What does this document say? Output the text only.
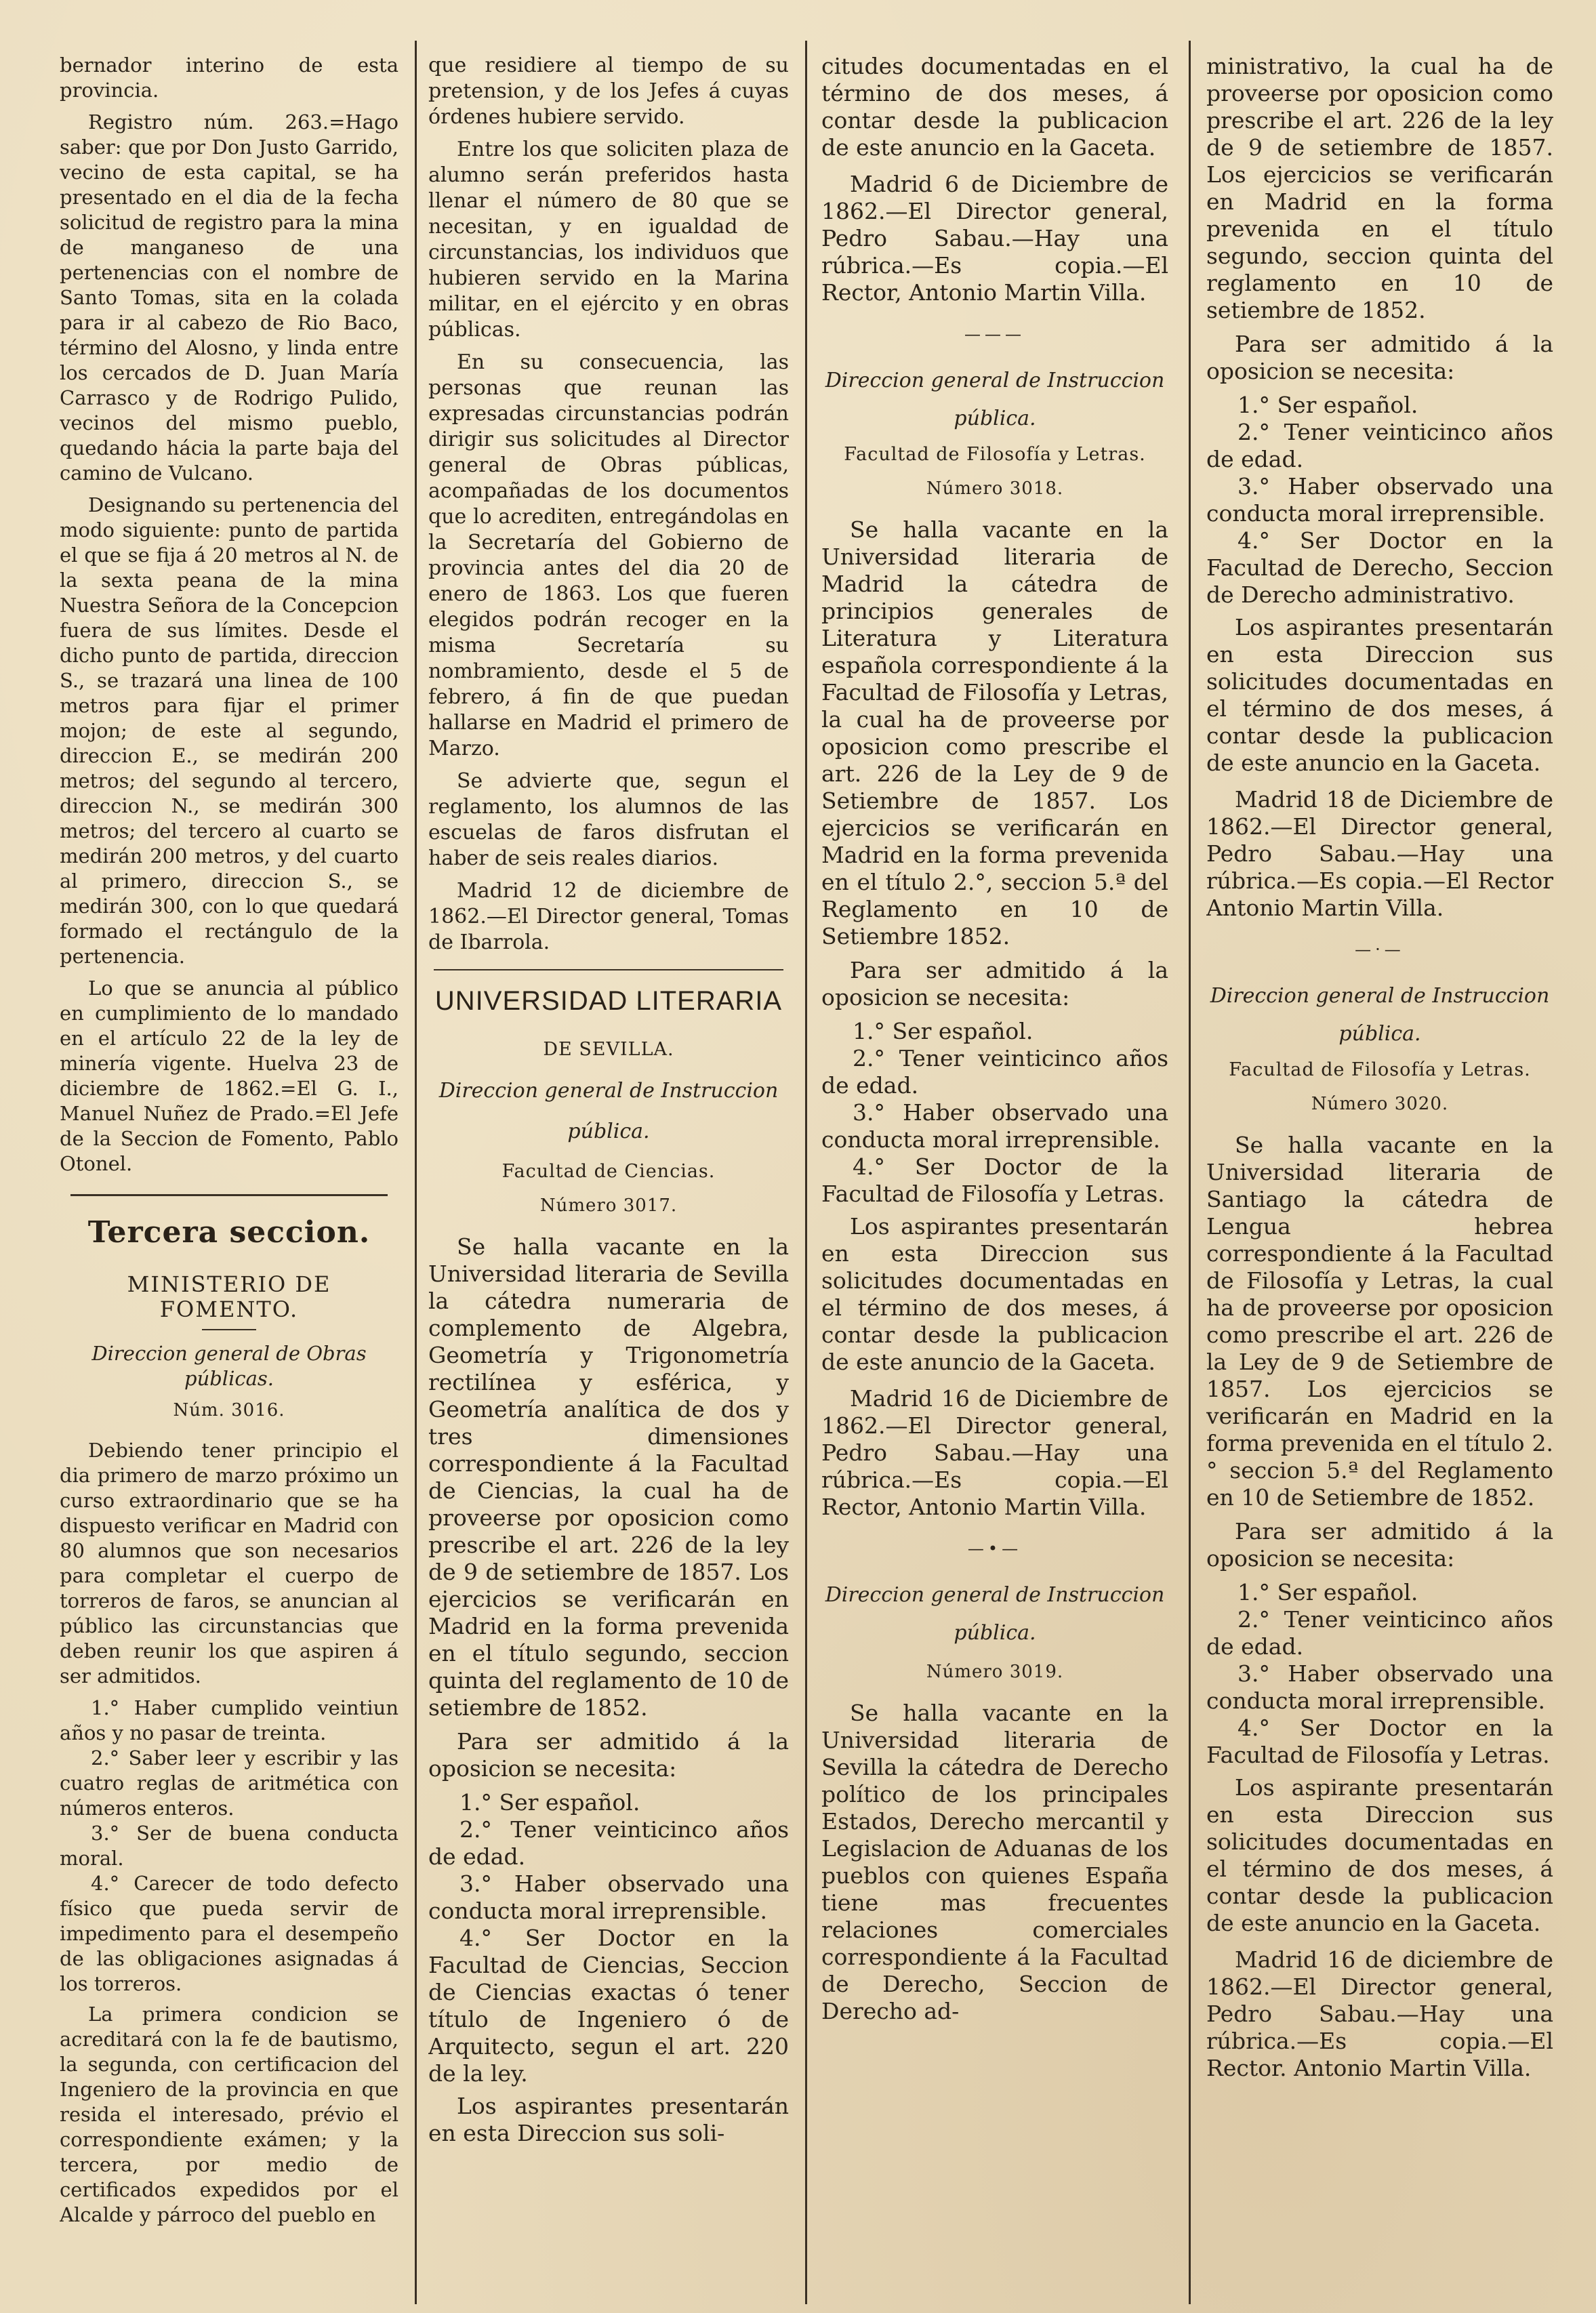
bernador interino de esta provincia.

Registro núm. 263.=Hago saber: que por Don Justo Garrido, vecino de esta capital, se ha presentado en el dia de la fecha solicitud de registro para la mina de manganeso de una pertenencias con el nombre de Santo Tomas, sita en la colada para ir al cabezo de Rio Baco, término del Alosno, y linda entre los cercados de D. Juan María Carrasco y de Rodrigo Pulido, vecinos del mismo pueblo, quedando hácia la parte baja del camino de Vulcano.

Designando su pertenencia del modo siguiente: punto de partida el que se fija á 20 metros al N. de la sexta peana de la mina Nuestra Señora de la Concepcion fuera de sus límites. Desde el dicho punto de partida, direccion S., se trazará una linea de 100 metros para fijar el primer mojon; de este al segundo, direccion E., se medirán 200 metros; del segundo al tercero, direccion N., se medirán 300 metros; del tercero al cuarto se medirán 200 metros, y del cuarto al primero, direccion S., se medirán 300, con lo que quedará formado el rectángulo de la pertenencia.

Lo que se anuncia al público en cumplimiento de lo mandado en el artículo 22 de la ley de minería vigente. Huelva 23 de diciembre de 1862.=El G. I., Manuel Nuñez de Prado.=El Jefe de la Seccion de Fomento, Pablo Otonel.

Tercera seccion.
MINISTERIO DE FOMENTO.
Direccion general de Obras públicas.
Núm. 3016.

Debiendo tener principio el dia primero de marzo próximo un curso extraordinario que se ha dispuesto verificar en Madrid con 80 alumnos que son necesarios para completar el cuerpo de torreros de faros, se anuncian al público las circunstancias que deben reunir los que aspiren á ser admitidos.

1.° Haber cumplido veintiun años y no pasar de treinta.

2.° Saber leer y escribir y las cuatro reglas de aritmética con números enteros.

3.° Ser de buena conducta moral.

4.° Carecer de todo defecto físico que pueda servir de impedimento para el desempeño de las obligaciones asignadas á los torreros.

La primera condicion se acreditará con la fe de bautismo, la segunda, con certificacion del Ingeniero de la provincia en que resida el interesado, prévio el correspondiente exámen; y la tercera, por medio de certificados expedidos por el Alcalde y párroco del pueblo en

que residiere al tiempo de su pretension, y de los Jefes á cuyas órdenes hubiere servido.

Entre los que soliciten plaza de alumno serán preferidos hasta llenar el número de 80 que se necesitan, y en igualdad de circunstancias, los individuos que hubieren servido en la Marina militar, en el ejército y en obras públicas.

En su consecuencia, las personas que reunan las expresadas circunstancias podrán dirigir sus solicitudes al Director general de Obras públicas, acompañadas de los documentos que lo acrediten, entregándolas en la Secretaría del Gobierno de provincia antes del dia 20 de enero de 1863. Los que fueren elegidos podrán recoger en la misma Secretaría su nombramiento, desde el 5 de febrero, á fin de que puedan hallarse en Madrid el primero de Marzo.

Se advierte que, segun el reglamento, los alumnos de las escuelas de faros disfrutan el haber de seis reales diarios.

Madrid 12 de diciembre de 1862.—El Director general, Tomas de Ibarrola.

UNIVERSIDAD LITERARIA
DE SEVILLA.
Direccion general de Instruccion pública.
Facultad de Ciencias.
Número 3017.

Se halla vacante en la Universidad literaria de Sevilla la cátedra numeraria de complemento de Algebra, Geometría y Trigonometría rectilínea y esférica, y Geometría analítica de dos y tres dimensiones correspondiente á la Facultad de Ciencias, la cual ha de proveerse por oposicion como prescribe el art. 226 de la ley de 9 de setiembre de 1857. Los ejercicios se verificarán en Madrid en la forma prevenida en el título segundo, seccion quinta del reglamento de 10 de setiembre de 1852.

Para ser admitido á la oposicion se necesita:

1.° Ser español.

2.° Tener veinticinco años de edad.

3.° Haber observado una conducta moral irreprensible.

4.° Ser Doctor en la Facultad de Ciencias, Seccion de Ciencias exactas ó tener título de Ingeniero ó de Arquitecto, segun el art. 220 de la ley.

Los aspirantes presentarán en esta Direccion sus soli-

citudes documentadas en el término de dos meses, á contar desde la publicacion de este anuncio en la Gaceta.

Madrid 6 de Diciembre de 1862.—El Director general, Pedro Sabau.—Hay una rúbrica.—Es copia.—El Rector, Antonio Martin Villa.

———
Direccion general de Instruccion pública.
Facultad de Filosofía y Letras.
Número 3018.

Se halla vacante en la Universidad literaria de Madrid la cátedra de principios generales de Literatura y Literatura española correspondiente á la Facultad de Filosofía y Letras, la cual ha de proveerse por oposicion como prescribe el art. 226 de la Ley de 9 de Setiembre de 1857. Los ejercicios se verificarán en Madrid en la forma prevenida en el título 2.°, seccion 5.ª del Reglamento en 10 de Setiembre 1852.

Para ser admitido á la oposicion se necesita:

1.° Ser español.

2.° Tener veinticinco años de edad.

3.° Haber observado una conducta moral irreprensible.

4.° Ser Doctor de la Facultad de Filosofía y Letras.

Los aspirantes presentarán en esta Direccion sus solicitudes documentadas en el término de dos meses, á contar desde la publicacion de este anuncio de la Gaceta.

Madrid 16 de Diciembre de 1862.—El Director general, Pedro Sabau.—Hay una rúbrica.—Es copia.—El Rector, Antonio Martin Villa.

—•—
Direccion general de Instruccion pública.
Número 3019.

Se halla vacante en la Universidad literaria de Sevilla la cátedra de Derecho político de los principales Estados, Derecho mercantil y Legislacion de Aduanas de los pueblos con quienes España tiene mas frecuentes relaciones comerciales correspondiente á la Facultad de Derecho, Seccion de Derecho ad-

ministrativo, la cual ha de proveerse por oposicion como prescribe el art. 226 de la ley de 9 de setiembre de 1857. Los ejercicios se verificarán en Madrid en la forma prevenida en el título segundo, seccion quinta del reglamento en 10 de setiembre de 1852.

Para ser admitido á la oposicion se necesita:

1.° Ser español.

2.° Tener veinticinco años de edad.

3.° Haber observado una conducta moral irreprensible.

4.° Ser Doctor en la Facultad de Derecho, Seccion de Derecho administrativo.

Los aspirantes presentarán en esta Direccion sus solicitudes documentadas en el término de dos meses, á contar desde la publicacion de este anuncio en la Gaceta.

Madrid 18 de Diciembre de 1862.—El Director general, Pedro Sabau.—Hay una rúbrica.—Es copia.—El Rector Antonio Martin Villa.

—·—
Direccion general de Instruccion pública.
Facultad de Filosofía y Letras.
Número 3020.

Se halla vacante en la Universidad literaria de Santiago la cátedra de Lengua hebrea correspondiente á la Facultad de Filosofía y Letras, la cual ha de proveerse por oposicion como prescribe el art. 226 de la Ley de 9 de Setiembre de 1857. Los ejercicios se verificarán en Madrid en la forma prevenida en el título 2.° seccion 5.ª del Reglamento en 10 de Setiembre de 1852.

Para ser admitido á la oposicion se necesita:

1.° Ser español.

2.° Tener veinticinco años de edad.

3.° Haber observado una conducta moral irreprensible.

4.° Ser Doctor en la Facultad de Filosofía y Letras.

Los aspirante presentarán en esta Direccion sus solicitudes documentadas en el término de dos meses, á contar desde la publicacion de este anuncio en la Gaceta.

Madrid 16 de diciembre de 1862.—El Director general, Pedro Sabau.—Hay una rúbrica.—Es copia.—El Rector. Antonio Martin Villa.
